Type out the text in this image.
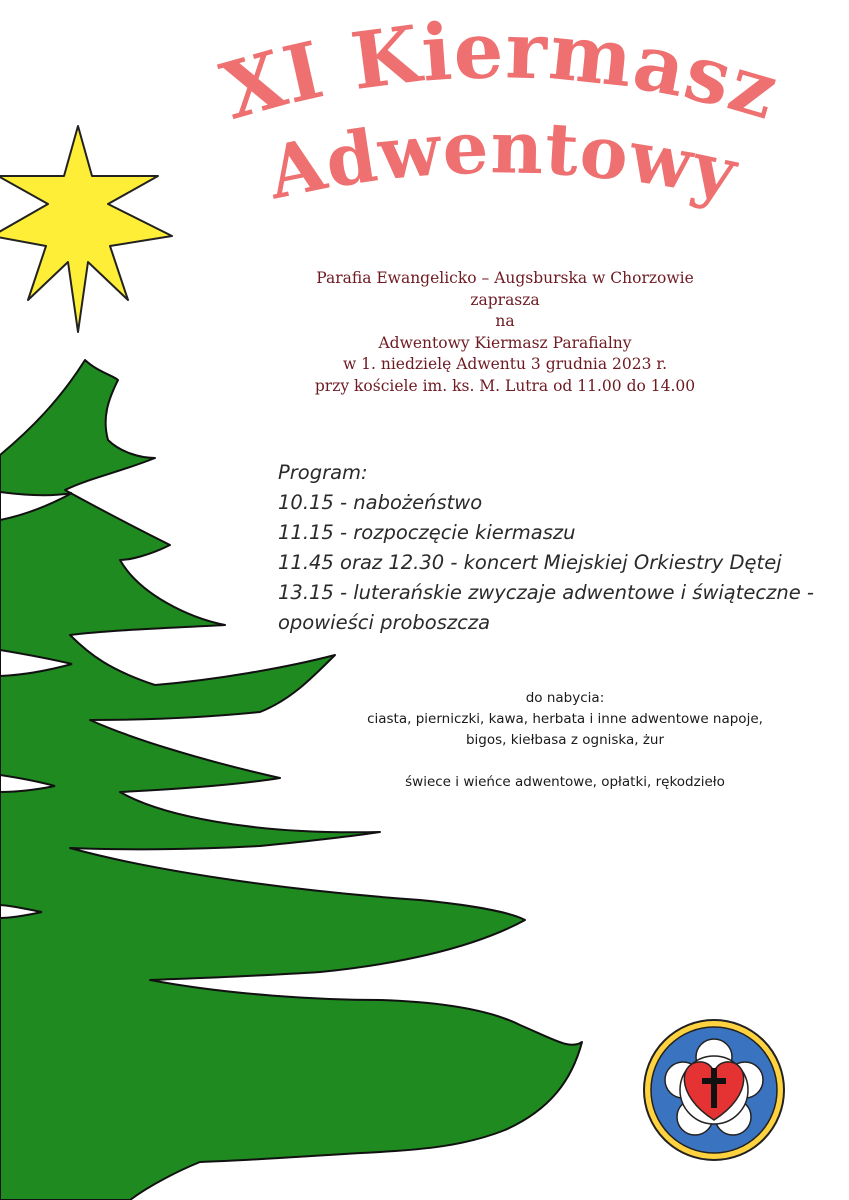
XI Kiermasz
Adwentowy
Parafia Ewangelicko – Augsburska w Chorzowie
zaprasza
na
Adwentowy Kiermasz Parafialny
w 1. niedzielę Adwentu 3 grudnia 2023 r.
przy kościele im. ks. M. Lutra od 11.00 do 14.00
Program:
10.15 - nabożeństwo
11.15 - rozpoczęcie kiermaszu
11.45 oraz 12.30 - koncert Miejskiej Orkiestry Dętej
13.15 - luterańskie zwyczaje adwentowe i świąteczne -
opowieści proboszcza
do nabycia:
ciasta, pierniczki, kawa, herbata i inne adwentowe napoje,
bigos, kiełbasa z ogniska, żur
świece i wieńce adwentowe, opłatki, rękodzieło
